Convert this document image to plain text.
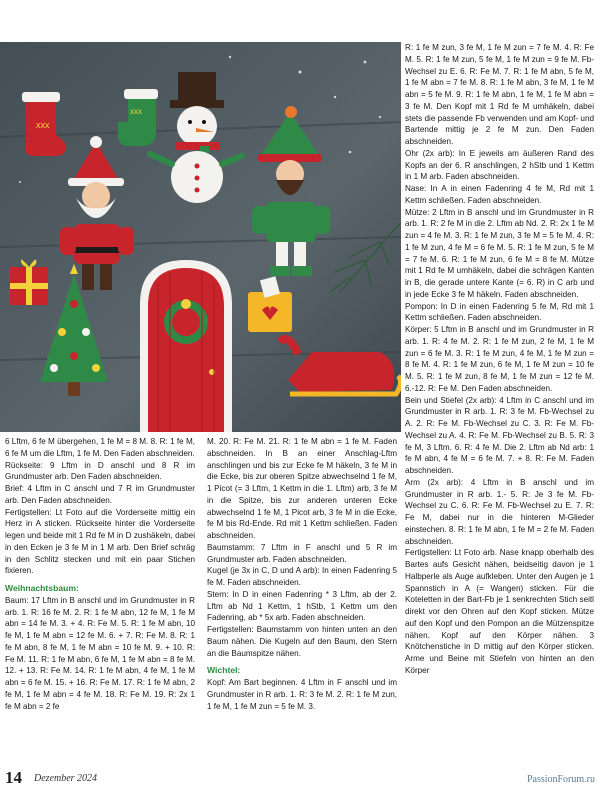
xxx
xxx

R: 1 fe M zun, 3 fe M, 1 fe M zun = 7 fe M. 4. R: Fe M. 5. R: 1 fe M zun, 5 fe M, 1 fe M zun = 9 fe M. Fb-Wechsel zu E. 6. R: Fe M. 7. R: 1 fe M abn, 5 fe M, 1 fe M abn = 7 fe M. 8. R: 1 fe M abn, 3 fe M, 1 fe M abn = 5 fe M. 9. R: 1 fe M abn, 1 fe M, 1 fe M abn = 3 fe M. Den Kopf mit 1 Rd fe M umhäkeln, dabei stets die passende Fb verwenden und am Kopf- und Bartende mittig je 2 fe M zun. Den Faden abschneiden.

Ohr (2x arb): In E jeweils am äußeren Rand des Kopfs an der 6. R anschlingen, 2 hStb und 1 Kettm in 1 M arb. Faden abschneiden.

Nase: In A in einen Fadenring 4 fe M, Rd mit 1 Kettm schließen. Faden abschneiden.

Mütze: 2 Lftm in B anschl und im Grundmuster in R arb. 1. R: 2 fe M in die 2. Lftm ab Nd. 2. R: 2x 1 fe M zun = 4 fe M. 3. R: 1 fe M zun, 3 fe M = 5 fe M. 4. R: 1 fe M zun, 4 fe M = 6 fe M. 5. R: 1 fe M zun, 5 fe M = 7 fe M. 6. R: 1 fe M zun, 6 fe M = 8 fe M. Mütze mit 1 Rd fe M umhäkeln, dabei die schrägen Kanten in B, die gerade untere Kante (= 6. R) in C arb und in jede Ecke 3 fe M häkeln. Faden abschneiden.

Pompon: In D in einen Fadenring 5 fe M, Rd mit 1 Kettm schließen. Faden abschneiden.

Körper: 5 Lftm in B anschl und im Grundmuster in R arb. 1. R: 4 fe M. 2. R: 1 fe M zun, 2 fe M, 1 fe M zun = 6 fe M. 3. R: 1 fe M zun, 4 fe M, 1 fe M zun = 8 fe M. 4. R: 1 fe M zun, 6 fe M, 1 fe M zun = 10 fe M. 5. R: 1 fe M zun, 8 fe M, 1 fe M zun = 12 fe M. 6.-12. R: Fe M. Den Faden abschneiden.

Bein und Stiefel (2x arb): 4 Lftm in C anschl und im Grundmuster in R arb. 1. R: 3 fe M. Fb-Wechsel zu A. 2. R: Fe M. Fb-Wechsel zu C. 3. R: Fe M. Fb-Wechsel zu A. 4. R: Fe M. Fb-Wechsel zu B. 5. R: 3 fe M, 3 Lftm. 6. R: 4 fe M. Die 2. Lftm ab Nd arb: 1 fe M abn, 4 fe M = 6 fe M. 7. + 8. R: Fe M. Faden abschneiden.

Arm (2x arb): 4 Lftm in B anschl und im Grundmuster in R arb. 1.- 5. R: Je 3 fe M. Fb-Wechsel zu C. 6. R: Fe M. Fb-Wechsel zu E. 7. R: Fe M, dabei nur in die hinteren M-Glieder einstechen. 8. R: 1 fe M abn, 1 fe M = 2 fe M. Faden abschneiden.

Fertigstellen: Lt Foto arb. Nase knapp oberhalb des Bartes aufs Gesicht nähen, beidseitig davon je 1 Halbperle als Auge aufkleben. Unter den Augen je 1 Spannstich in A (= Wangen) sticken. Für die Koteletten in der Bart-Fb je 1 senkrechten Stich seitl direkt vor den Ohren auf den Kopf sticken. Mütze auf den Kopf und den Pompon an die Mützenspitze nähen. Kopf auf den Körper nähen. 3 Knötchenstiche in D mittig auf den Körper sticken. Arme und Beine mit Stiefeln von hinten an den Körper

6 Lftm, 6 fe M übergehen, 1 fe M = 8 M. 8. R: 1 fe M, 6 fe M um die Lftm, 1 fe M. Den Faden abschneiden.

Rückseite: 9 Lftm in D anschl und 8 R im Grundmuster arb. Den Faden abschneiden.

Brief: 4 Lftm in C anschl und 7 R im Grundmuster arb. Den Faden abschneiden.

Fertigstellen: Lt Foto auf die Vorderseite mittig ein Herz in A sticken. Rückseite hinter die Vorderseite legen und beide mit 1 Rd fe M in D zushäkeln, dabei in den Ecken je 3 fe M in 1 M arb. Den Brief schräg in den Schlitz stecken und mit ein paar Stichen fixieren.

Weihnachtsbaum:

Baum: 17 Lftm in B anschl und im Grundmuster in R arb. 1. R: 16 fe M. 2. R: 1 fe M abn, 12 fe M, 1 fe M abn = 14 fe M. 3. + 4. R: Fe M. 5. R: 1 fe M abn, 10 fe M, 1 fe M abn = 12 fe M. 6. + 7. R: Fe M. 8. R: 1 fe M abn, 8 fe M, 1 fe M abn = 10 fe M. 9. + 10. R: Fe M. 11. R: 1 fe M abn, 6 fe M, 1 fe M abn = 8 fe M. 12. + 13. R: Fe M. 14. R: 1 fe M abn, 4 fe M, 1 fe M abn = 6 fe M. 15. + 16. R: Fe M. 17. R: 1 fe M abn, 2 fe M, 1 fe M abn = 4 fe M. 18. R: Fe M. 19. R: 2x 1 fe M abn = 2 fe

M. 20. R: Fe M. 21. R: 1 fe M abn = 1 fe M. Faden abschneiden. In B an einer Anschlag-Lftm anschlingen und bis zur Ecke fe M häkeln, 3 fe M in die Ecke, bis zur oberen Spitze abwechselnd 1 fe M, 1 Picot (= 3 Lftm, 1 Kettm in die 1. Lftm) arb, 3 fe M in die Spitze, bis zur anderen unteren Ecke abwechselnd 1 fe M, 1 Picot arb, 3 fe M in die Ecke, fe M bis Rd-Ende. Rd mit 1 Kettm schließen. Faden abschneiden.

Baumstamm: 7 Lftm in F anschl und 5 R im Grundmuster arb. Faden abschneiden.

Kugel (je 3x in C, D und A arb): In einen Fadenring 5 fe M. Faden abschneiden.

Stern: In D in einen Fadenring * 3 Lftm, ab der 2. Lftm ab Nd 1 Kettm, 1 hStb, 1 Kettm um den Fadenring, ab * 5x arb. Faden abschneiden.

Fertigstellen: Baumstamm von hinten unten an den Baum nähen. Die Kugeln auf den Baum, den Stern an die Baumspitze nähen.

Wichtel:

Kopf: Am Bart beginnen. 4 Lftm in F anschl und im Grundmuster in R arb. 1. R: 3 fe M. 2. R: 1 fe M zun, 1 fe M, 1 fe M zun = 5 fe M. 3.

14 Dezember 2024	PassionForum.ru
